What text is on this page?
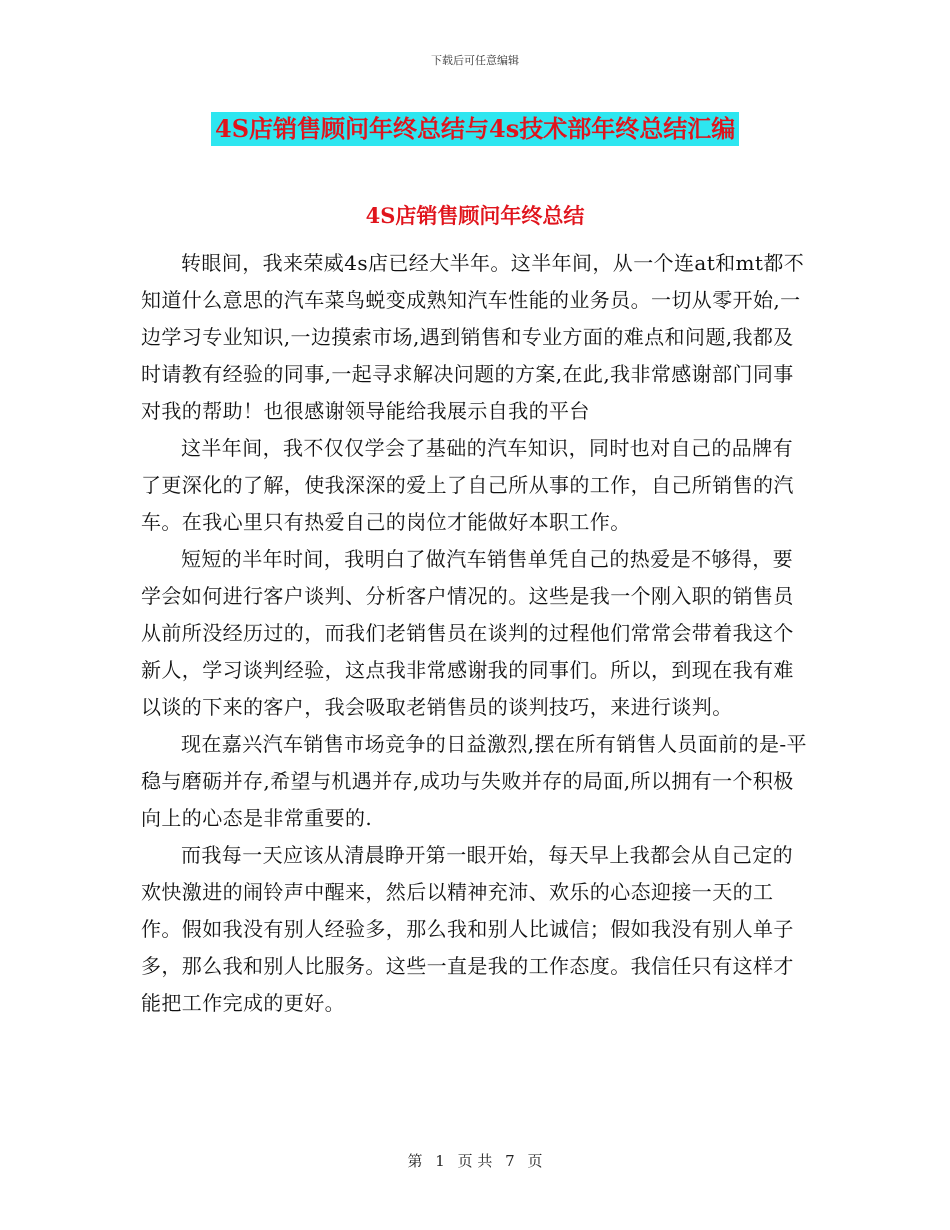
下载后可任意编辑
4S店销售顾问年终总结与4s技术部年终总结汇编
4S店销售顾问年终总结

转眼间，我来荣威4s店已经大半年。这半年间，从一个连at和mt都不知道什么意思的汽车菜鸟蜕变成熟知汽车性能的业务员。一切从零开始,一边学习专业知识,一边摸索市场,遇到销售和专业方面的难点和问题,我都及时请教有经验的同事,一起寻求解决问题的方案,在此,我非常感谢部门同事对我的帮助！也很感谢领导能给我展示自我的平台

这半年间，我不仅仅学会了基础的汽车知识，同时也对自己的品牌有了更深化的了解，使我深深的爱上了自己所从事的工作，自己所销售的汽车。在我心里只有热爱自己的岗位才能做好本职工作。

短短的半年时间，我明白了做汽车销售单凭自己的热爱是不够得，要学会如何进行客户谈判、分析客户情况的。这些是我一个刚入职的销售员从前所没经历过的，而我们老销售员在谈判的过程他们常常会带着我这个新人，学习谈判经验，这点我非常感谢我的同事们。所以，到现在我有难以谈的下来的客户，我会吸取老销售员的谈判技巧，来进行谈判。

现在嘉兴汽车销售市场竞争的日益激烈,摆在所有销售人员面前的是-平稳与磨砺并存,希望与机遇并存,成功与失败并存的局面,所以拥有一个积极向上的心态是非常重要的.

而我每一天应该从清晨睁开第一眼开始，每天早上我都会从自己定的欢快激进的闹铃声中醒来，然后以精神充沛、欢乐的心态迎接一天的工作。假如我没有别人经验多，那么我和别人比诚信；假如我没有别人单子多，那么我和别人比服务。这些一直是我的工作态度。我信任只有这样才能把工作完成的更好。

第 1 页 共 7 页
